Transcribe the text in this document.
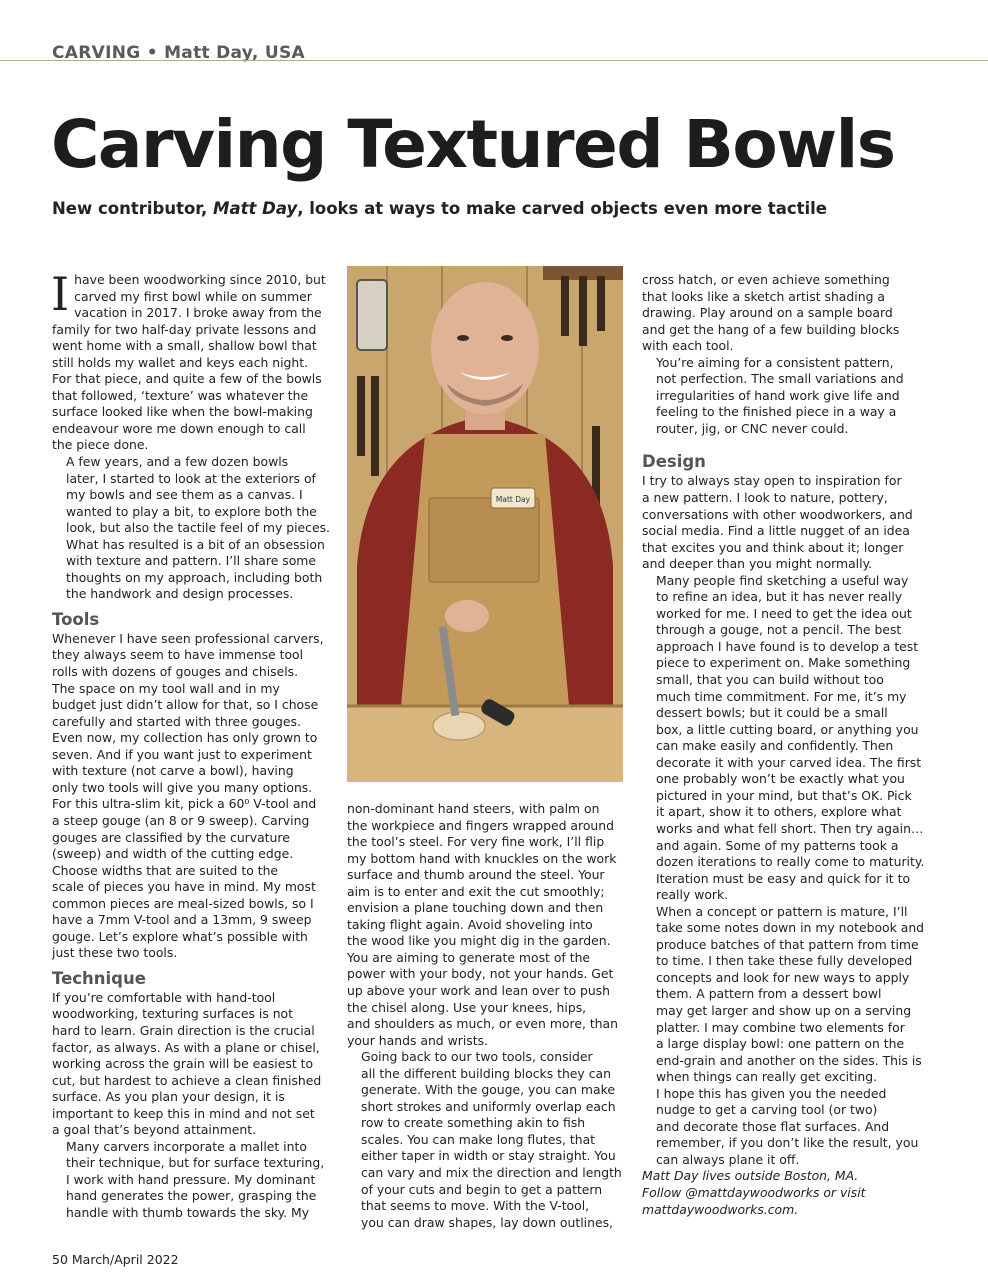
CARVING • Matt Day, USA
Carving Textured Bowls

New contributor, Matt Day, looks at ways to make carved objects even more tactile

I have been woodworking since 2010, but
carved my first bowl while on summer
vacation in 2017. I broke away from the
family for two half-day private lessons and
went home with a small, shallow bowl that
still holds my wallet and keys each night.
For that piece, and quite a few of the bowls
that followed, ‘texture’ was whatever the
surface looked like when the bowl-making
endeavour wore me down enough to call
the piece done.

A few years, and a few dozen bowls
later, I started to look at the exteriors of
my bowls and see them as a canvas. I
wanted to play a bit, to explore both the
look, but also the tactile feel of my pieces.
What has resulted is a bit of an obsession
with texture and pattern. I’ll share some
thoughts on my approach, including both
the handwork and design processes.

Tools

Whenever I have seen professional carvers,
they always seem to have immense tool
rolls with dozens of gouges and chisels.
The space on my tool wall and in my
budget just didn’t allow for that, so I chose
carefully and started with three gouges.
Even now, my collection has only grown to
seven. And if you want just to experiment
with texture (not carve a bowl), having
only two tools will give you many options.
For this ultra-slim kit, pick a 60⁰ V-tool and
a steep gouge (an 8 or 9 sweep). Carving
gouges are classified by the curvature
(sweep) and width of the cutting edge.
Choose widths that are suited to the
scale of pieces you have in mind. My most
common pieces are meal-sized bowls, so I
have a 7mm V-tool and a 13mm, 9 sweep
gouge. Let’s explore what’s possible with
just these two tools.

Technique

If you’re comfortable with hand-tool
woodworking, texturing surfaces is not
hard to learn. Grain direction is the crucial
factor, as always. As with a plane or chisel,
working across the grain will be easiest to
cut, but hardest to achieve a clean finished
surface. As you plan your design, it is
important to keep this in mind and not set
a goal that’s beyond attainment.

Many carvers incorporate a mallet into
their technique, but for surface texturing,
I work with hand pressure. My dominant
hand generates the power, grasping the
handle with thumb towards the sky. My

Matt Day

non-dominant hand steers, with palm on
the workpiece and fingers wrapped around
the tool’s steel. For very fine work, I’ll flip
my bottom hand with knuckles on the work
surface and thumb around the steel. Your
aim is to enter and exit the cut smoothly;
envision a plane touching down and then
taking flight again. Avoid shoveling into
the wood like you might dig in the garden.
You are aiming to generate most of the
power with your body, not your hands. Get
up above your work and lean over to push
the chisel along. Use your knees, hips,
and shoulders as much, or even more, than
your hands and wrists.

Going back to our two tools, consider
all the different building blocks they can
generate. With the gouge, you can make
short strokes and uniformly overlap each
row to create something akin to fish
scales. You can make long flutes, that
either taper in width or stay straight. You
can vary and mix the direction and length
of your cuts and begin to get a pattern
that seems to move. With the V-tool,
you can draw shapes, lay down outlines,

cross hatch, or even achieve something
that looks like a sketch artist shading a
drawing. Play around on a sample board
and get the hang of a few building blocks
with each tool.

You’re aiming for a consistent pattern,
not perfection. The small variations and
irregularities of hand work give life and
feeling to the finished piece in a way a
router, jig, or CNC never could.

Design

I try to always stay open to inspiration for
a new pattern. I look to nature, pottery,
conversations with other woodworkers, and
social media. Find a little nugget of an idea
that excites you and think about it; longer
and deeper than you might normally.

Many people find sketching a useful way
to refine an idea, but it has never really
worked for me. I need to get the idea out
through a gouge, not a pencil. The best
approach I have found is to develop a test
piece to experiment on. Make something
small, that you can build without too
much time commitment. For me, it’s my
dessert bowls; but it could be a small
box, a little cutting board, or anything you
can make easily and confidently. Then
decorate it with your carved idea. The first
one probably won’t be exactly what you
pictured in your mind, but that’s OK. Pick
it apart, show it to others, explore what
works and what fell short. Then try again…
and again. Some of my patterns took a
dozen iterations to really come to maturity.
Iteration must be easy and quick for it to
really work.

When a concept or pattern is mature, I’ll
take some notes down in my notebook and
produce batches of that pattern from time
to time. I then take these fully developed
concepts and look for new ways to apply
them. A pattern from a dessert bowl
may get larger and show up on a serving
platter. I may combine two elements for
a large display bowl: one pattern on the
end-grain and another on the sides. This is
when things can really get exciting.

I hope this has given you the needed
nudge to get a carving tool (or two)
and decorate those flat surfaces. And
remember, if you don’t like the result, you
can always plane it off.

Matt Day lives outside Boston, MA.
Follow @mattdaywoodworks or visit
mattdaywoodworks.com.

50 March/April 2022
